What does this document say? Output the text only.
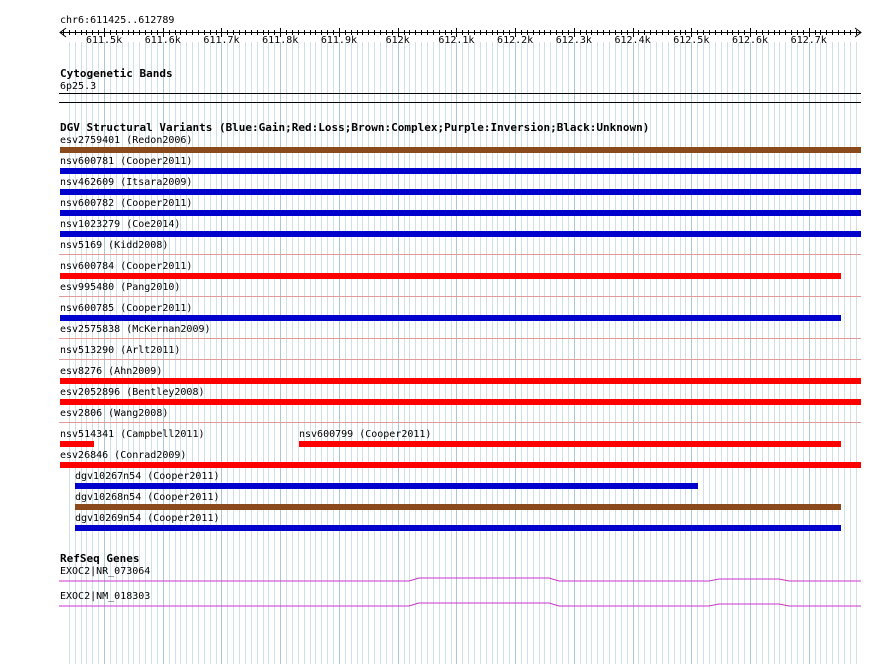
chr6:611425..612789
611.5k 611.6k 611.7k 611.8k 611.9k	612k	612.1k 612.2k 612.3k 612.4k 612.5k 612.6k 612.7k
Cytogenetic Bands
6p25.3
DGV Structural Variants (Blue:Gain;Red:Loss;Brown:Complex;Purple:Inversion;Black:Unknown)
esv2759401 (Redon2006)
nsv600781 (Cooper2011)
nsv462609 (Itsara2009)
nsv600782 (Cooper2011)
nsv1023279 (Coe2014)
nsv5169 (Kidd2008)
nsv600784 (Cooper2011)
esv995480 (Pang2010)
nsv600785 (Cooper2011)
esv2575838 (McKernan2009)
nsv513290 (Arlt2011)
esv8276 (Ahn2009)
esv2052896 (Bentley2008)
esv2806 (Wang2008)
nsv514341 (Campbell2011)	nsv600799 (Cooper2011)
esv26846 (Conrad2009)
dgv10267n54 (Cooper2011)
dgv10268n54 (Cooper2011)
dgv10269n54 (Cooper2011)
RefSeq Genes
EXOC2|NR_073064
EXOC2|NM_018303
